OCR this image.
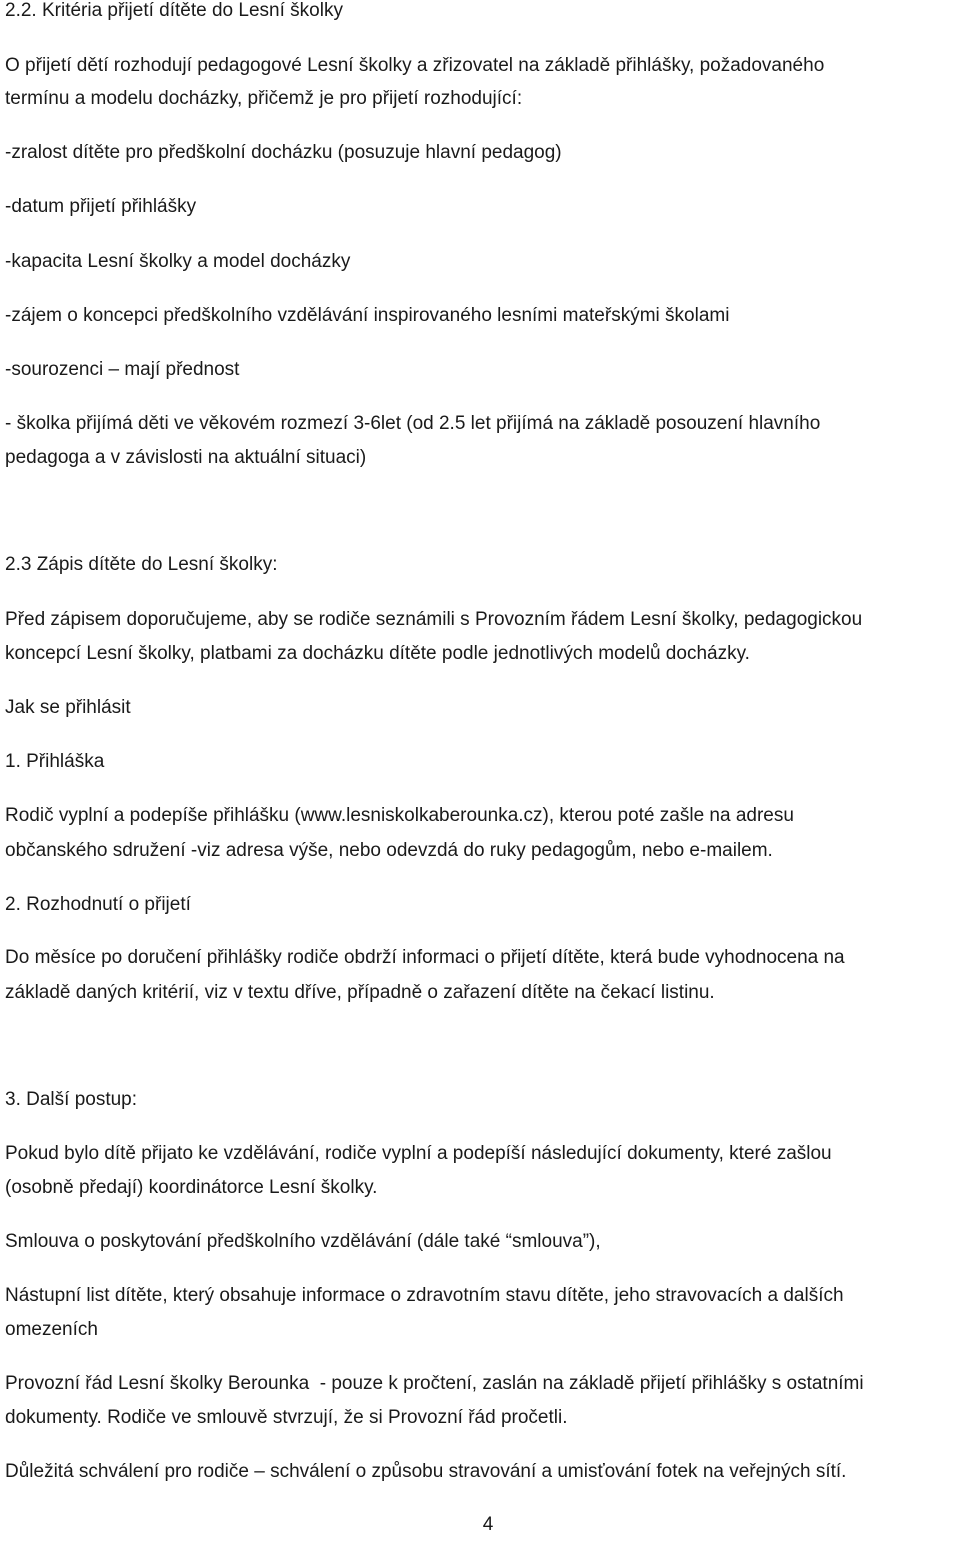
2.2. Kritéria přijetí dítěte do Lesní školky

O přijetí dětí rozhodují pedagogové Lesní školky a zřizovatel na základě přihlášky, požadovaného

termínu a modelu docházky, přičemž je pro přijetí rozhodující:

-zralost dítěte pro předškolní docházku (posuzuje hlavní pedagog)

-datum přijetí přihlášky

-kapacita Lesní školky a model docházky

-zájem o koncepci předškolního vzdělávání inspirovaného lesními mateřskými školami

-sourozenci – mají přednost

- školka přijímá děti ve věkovém rozmezí 3-6let (od 2.5 let přijímá na základě posouzení hlavního

pedagoga a v závislosti na aktuální situaci)

2.3 Zápis dítěte do Lesní školky:

Před zápisem doporučujeme, aby se rodiče seznámili s Provozním řádem Lesní školky, pedagogickou

koncepcí Lesní školky, platbami za docházku dítěte podle jednotlivých modelů docházky.

Jak se přihlásit

1. Přihláška

Rodič vyplní a podepíše přihlášku (www.lesniskolkaberounka.cz), kterou poté zašle na adresu

občanského sdružení -viz adresa výše, nebo odevzdá do ruky pedagogům, nebo e-mailem.

2. Rozhodnutí o přijetí

Do měsíce po doručení přihlášky rodiče obdrží informaci o přijetí dítěte, která bude vyhodnocena na

základě daných kritérií, viz v textu dříve, případně o zařazení dítěte na čekací listinu.

3. Další postup:

Pokud bylo dítě přijato ke vzdělávání, rodiče vyplní a podepíší následující dokumenty, které zašlou

(osobně předají) koordinátorce Lesní školky.

Smlouva o poskytování předškolního vzdělávání (dále také “smlouva”),

Nástupní list dítěte, který obsahuje informace o zdravotním stavu dítěte, jeho stravovacích a dalších

omezeních

Provozní řád Lesní školky Berounka  - pouze k pročtení, zaslán na základě přijetí přihlášky s ostatními

dokumenty. Rodiče ve smlouvě stvrzují, že si Provozní řád pročetli.

Důležitá schválení pro rodiče – schválení o způsobu stravování a umisťování fotek na veřejných sítí.

4
